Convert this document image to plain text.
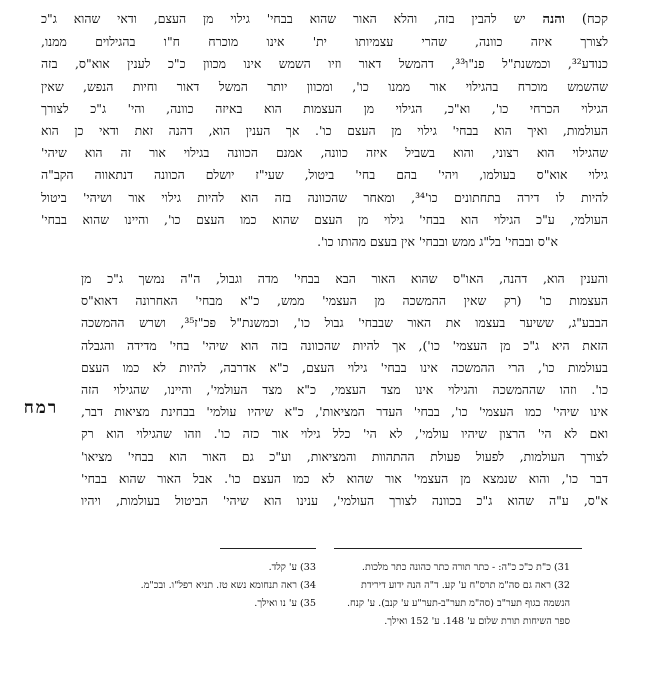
קכח) והנה יש להבין בזה, והלא האור שהוא בבחי' גילוי מן העצם, ודאי שהוא ג"כ
לצורך איזה כוונה, שהרי עצמיותו ית' אינו מוכרח ח"ו בהגילוים ממנו,
כנודע³², וכמשנת"ל פנ"ו³³, דהמשל דאור וזיו השמש אינו מכוון כ"כ לענין אוא"ס, בזה
שהשמש מוכרח בהגילוי אור ממנו כו', ומכוון יותר המשל דאור וחיות הנפש, שאין
הגילוי הכרחי כו', וא"כ, הגילוי מן העצמות הוא באיזה כוונה, והי' ג"כ לצורך
העולמות, ואיך הוא בבחי' גילוי מן העצם כו'. אך הענין הוא, דהנה זאת ודאי כן הוא
שהגילוי הוא רצוני, והוא בשביל איזה כוונה, אמנם הכוונה בגילוי אור זה הוא שיהי'
גילוי אוא"ס בעולמו, ויהי' בהם בחי' ביטול, שעי"ז יושלם הכוונה דנתאווה הקב"ה
להיות לו דירה בתחתונים כו'³⁴, ומאחר שהכוונה בזה הוא להיות גילוי אור ושיהי' ביטול
העולמי, ע"כ הגילוי הוא בבחי' גילוי מן העצם שהוא כמו העצם כו', והיינו שהוא בבחי'
א"ס ובבחי' בל"ג ממש ובבחי' אין בעצם מהותו כו'.
והענין הוא, דהנה, האו"ס שהוא האור הבא בבחי' מדה וגבול, ה"ה נמשך ג"כ מן
העצמות כו' (רק שאין ההמשכה מן העצמי' ממש, כ"א מבחי' האחרונה דאוא"ס
הבבע"ג, ששיער בעצמו את האור שבבחי' גבול כו', וכמשנת"ל פכ"ז³⁵, ושרש ההמשכה
הזאת היא ג"כ מן העצמי' כו'), אך להיות שהכוונה בזה הוא שיהי' בחי' מדידה והגבלה
בעולמות כו', הרי ההמשכה אינו בבחי' גילוי העצם, כ"א אדרבה, להיות לא כמו העצם
כו'. וזהו שההמשכה והגילוי אינו מצד העצמי, כ"א מצד העולמי', והיינו, שהגילוי הזה
אינו שיהי' כמו העצמי' כו', בבחי' העדר המציאות', כ"א שיהיו עולמי' בבחינת מציאות דבר,
ואם לא הי' הרצון שיהיו עולמי', לא הי' כלל גילוי אור כזה כו'. וזהו שהגילוי הוא רק
לצורך העולמות, לפעול פעולת ההתהוות והמציאות, וע"כ גם האור הוא בבחי' מציאו'
דבר כו', והוא שנמצא מן העצמי' אור שהוא לא כמו העצם כו'. אבל האור שהוא בבחי'
א"ס, ע"ה שהוא ג"כ בכוונה לצורך העולמי', ענינו הוא שיהי' הביטול בעולמות, ויהיו
רמח
31) כ"ת כ"כ כ"ה: - כתר תורה כתר כהונה כתר מלכות.
32) ראה גם סה"מ תרס"ח ע' קע. ד"ה הנה ידוע דירידת
הנשמה בגוף תער"ב (סה"מ תער"ב-תער"ע ע' קנב). ע' קנח.
ספר השיחות תורת שלום ע' 148. ע' 152 ואילך.
33) ע' קלד.
34) ראה תנחומא נשא טז. תניא רפל"ו. ובכ"מ.
35) ע' נו ואילך.
